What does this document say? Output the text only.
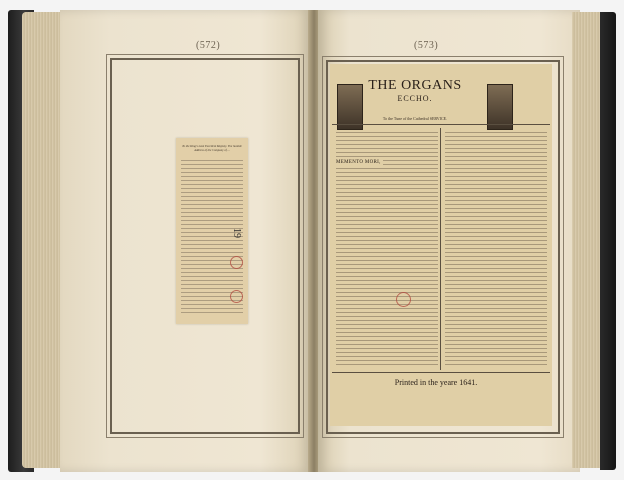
(572)	(573)
To the King's most Excellent Majesty. The humble Address of the Company of ...
19
THE ORGANS
ECCHO.
To the Tune of the Cathedral SERVICE.
MEMENTO MORI,
Printed in the yeare 1641.
